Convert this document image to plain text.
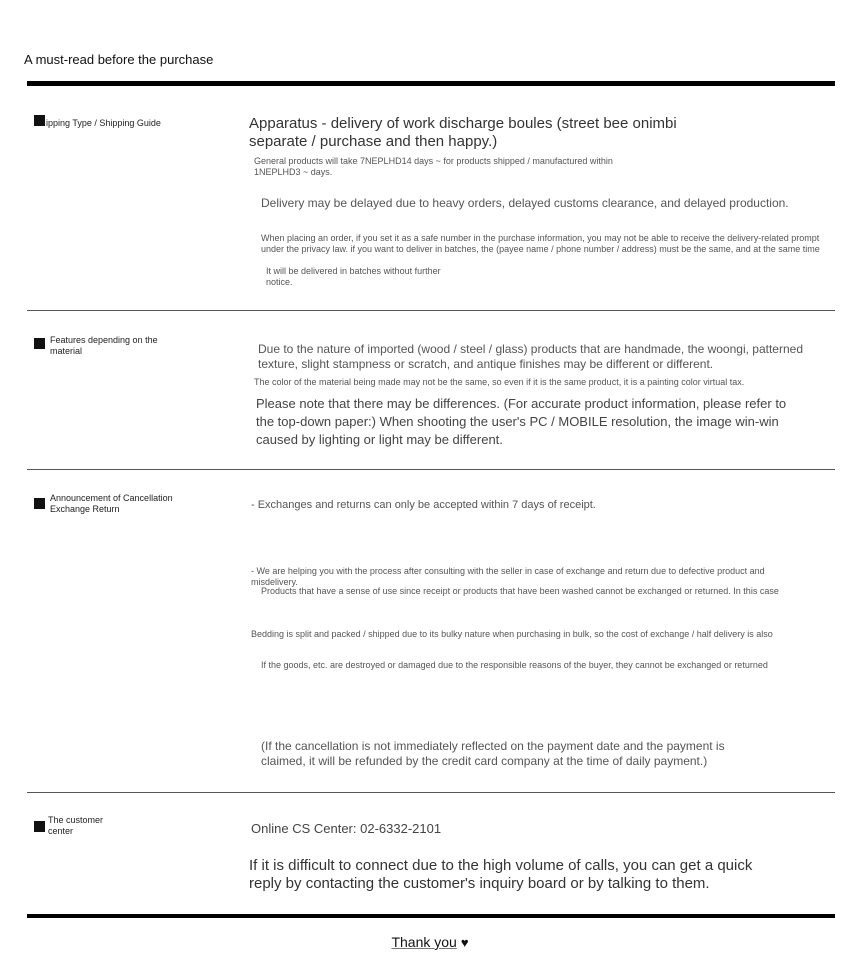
A must-read before the purchase
ipping Type / Shipping Guide	Apparatus - delivery of work discharge boules (street bee onimbi separate / purchase and then happy.)
General products will take 7NEPLHD14 days ~ for products shipped / manufactured within 1NEPLHD3 ~ days.
Delivery may be delayed due to heavy orders, delayed customs clearance, and delayed production.
When placing an order, if you set it as a safe number in the purchase information, you may not be able to receive the delivery-related prompt under the privacy law. if you want to deliver in batches, the (payee name / phone number / address) must be the same, and at the same time
It will be delivered in batches without further notice.
Features depending on the material	Due to the nature of imported (wood / steel / glass) products that are handmade, the woongi, patterned texture, slight stampness or scratch, and antique finishes may be different or different.
The color of the material being made may not be the same, so even if it is the same product, it is a painting color virtual tax.
Please note that there may be differences. (For accurate product information, please refer to the top-down paper:) When shooting the user's PC / MOBILE resolution, the image win-win caused by lighting or light may be different.
Announcement of Cancellation Exchange Return	- Exchanges and returns can only be accepted within 7 days of receipt.
- We are helping you with the process after consulting with the seller in case of exchange and return due to defective product and misdelivery.
Products that have a sense of use since receipt or products that have been washed cannot be exchanged or returned. In this case
Bedding is split and packed / shipped due to its bulky nature when purchasing in bulk, so the cost of exchange / half delivery is also
If the goods, etc. are destroyed or damaged due to the responsible reasons of the buyer, they cannot be exchanged or returned
(If the cancellation is not immediately reflected on the payment date and the payment is claimed, it will be refunded by the credit card company at the time of daily payment.)
The customer center	Online CS Center: 02-6332-2101
If it is difficult to connect due to the high volume of calls, you can get a quick reply by contacting the customer's inquiry board or by talking to them.
Thank you ♥
